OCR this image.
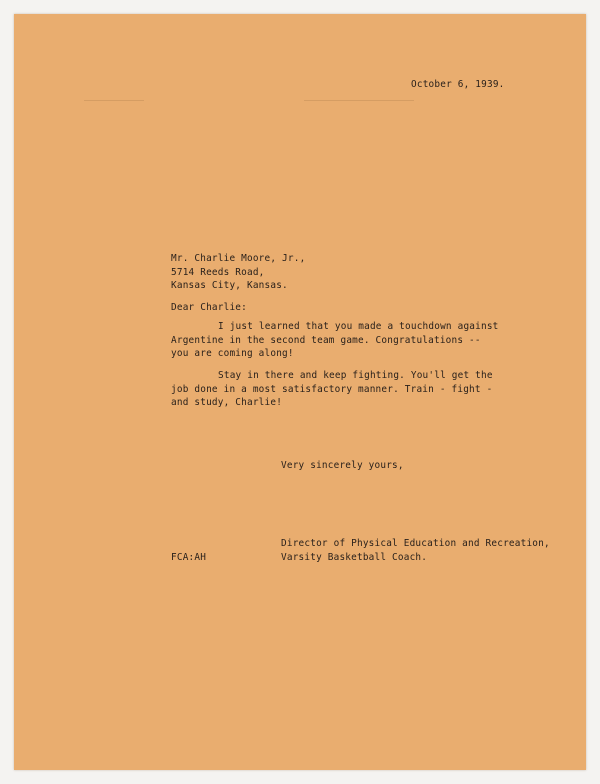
October 6, 1939.
Mr. Charlie Moore, Jr.,
5714 Reeds Road,
Kansas City, Kansas.
Dear Charlie:
I just learned that you made a touchdown against
Argentine in the second team game. Congratulations --
you are coming along!
Stay in there and keep fighting. You'll get the
job done in a most satisfactory manner. Train - fight -
and study, Charlie!
Very sincerely yours,
Director of Physical Education and Recreation,
Varsity Basketball Coach.
FCA:AH
